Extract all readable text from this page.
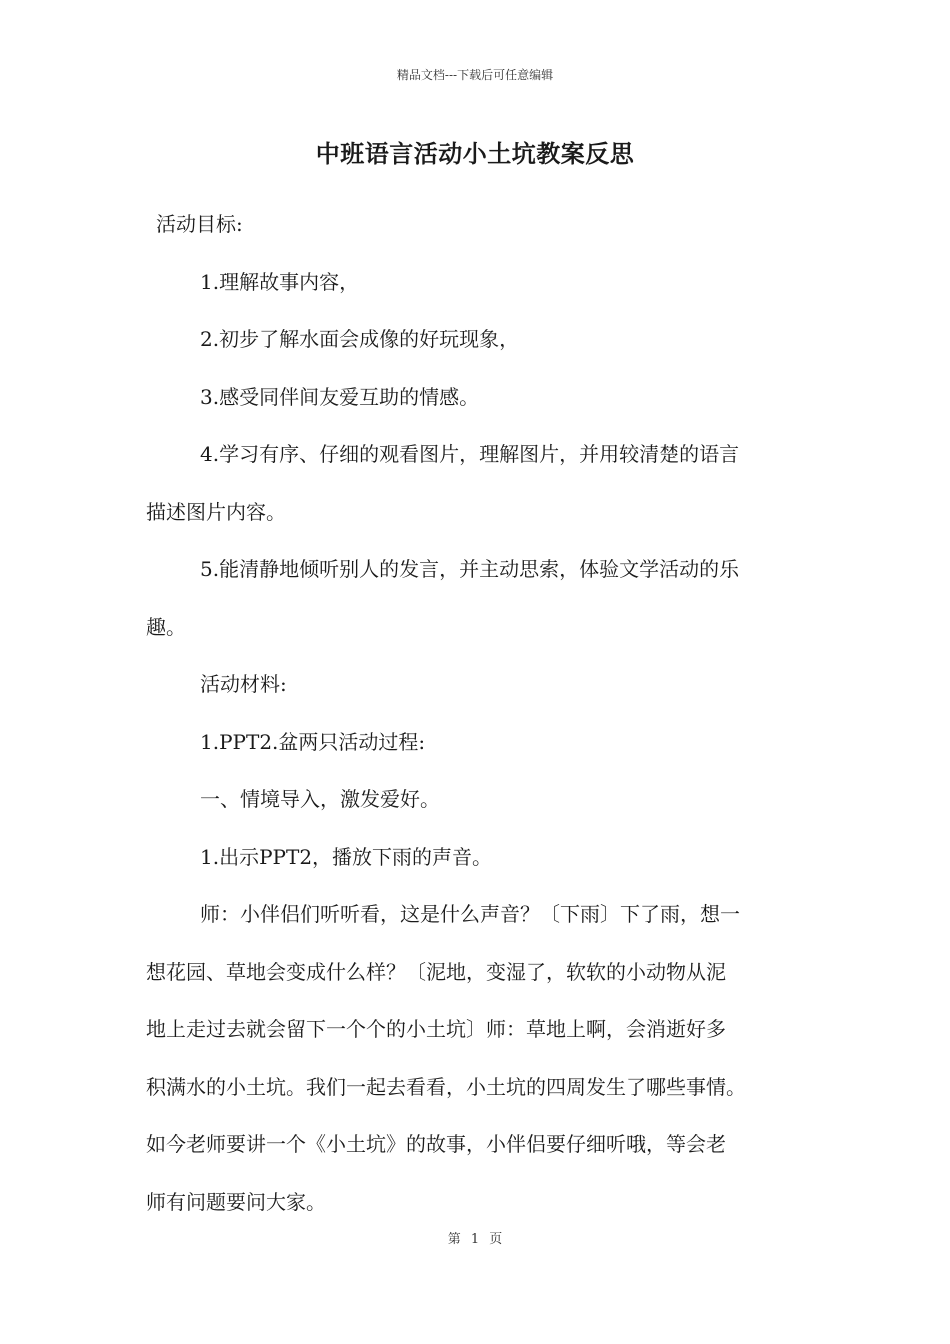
精品文档---下载后可任意编辑
中班语言活动小土坑教案反思

活动目标:

1.理解故事内容，

2.初步了解水面会成像的好玩现象，

3.感受同伴间友爱互助的情感。

4.学习有序、仔细的观看图片，理解图片，并用较清楚的语言

描述图片内容。

5.能清静地倾听别人的发言，并主动思索，体验文学活动的乐

趣。

活动材料:

1.PPT2.盆两只活动过程:

一、情境导入，激发爱好。

1.出示PPT2，播放下雨的声音。

师：小伴侣们听听看，这是什么声音？〔下雨〕下了雨，想一

想花园、草地会变成什么样？〔泥地，变湿了，软软的小动物从泥

地上走过去就会留下一个个的小土坑〕师：草地上啊，会消逝好多

积满水的小土坑。我们一起去看看，小土坑的四周发生了哪些事情。

如今老师要讲一个《小土坑》的故事，小伴侣要仔细听哦，等会老

师有问题要问大家。

第 1 页
